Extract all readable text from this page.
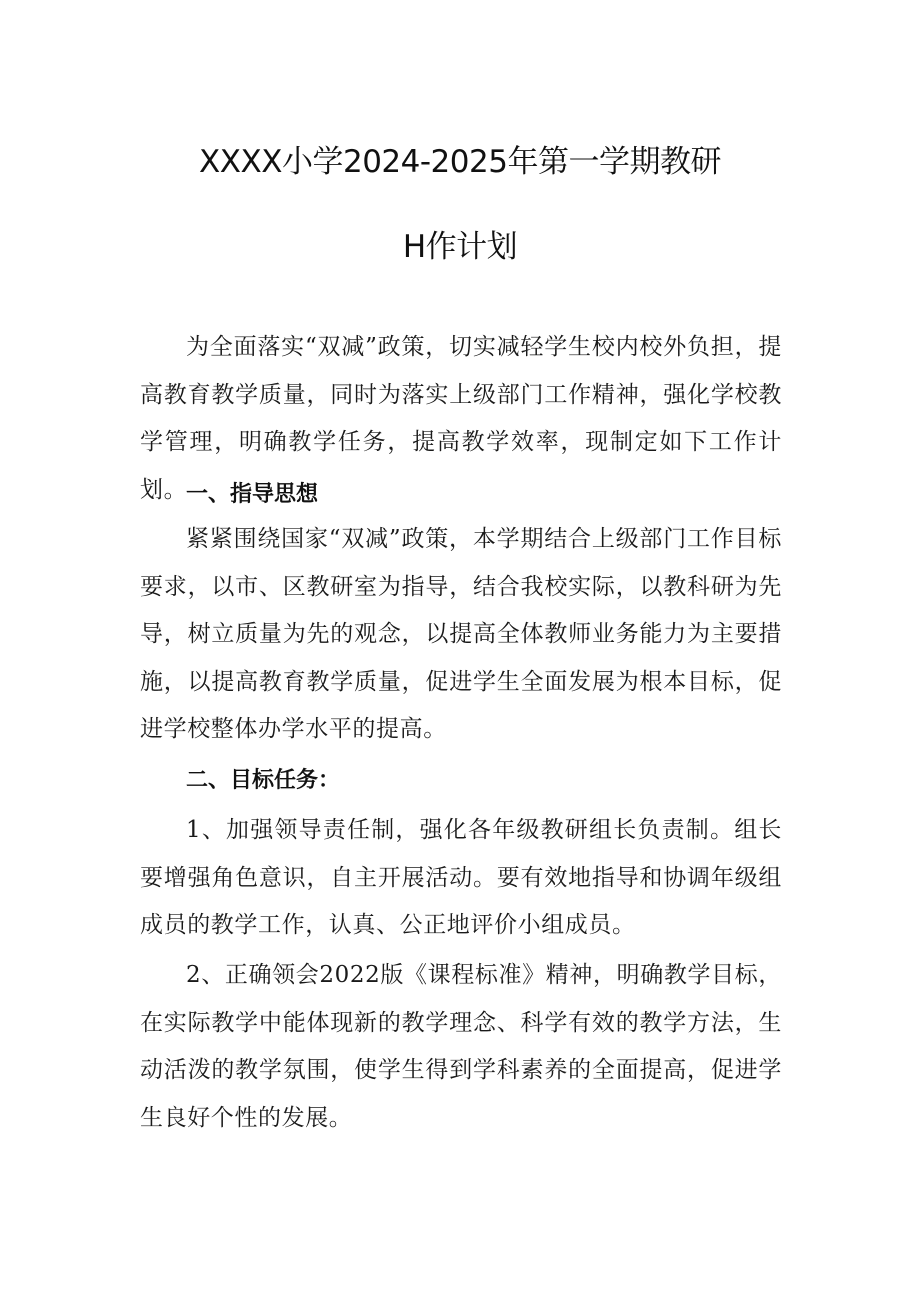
XXXX小学2024-2025年第一学期教研
H作计划

为全面落实“双减”政策，切实减轻学生校内校外负担，提高教育教学质量，同时为落实上级部门工作精神，强化学校教学管理，明确教学任务，提高教学效率，现制定如下工作计划。

一、指导思想

紧紧围绕国家“双减”政策，本学期结合上级部门工作目标要求，以市、区教研室为指导，结合我校实际，以教科研为先导，树立质量为先的观念，以提高全体教师业务能力为主要措施，以提高教育教学质量，促进学生全面发展为根本目标，促进学校整体办学水平的提高。

二、目标任务：

1、加强领导责任制，强化各年级教研组长负责制。组长要增强角色意识，自主开展活动。要有效地指导和协调年级组成员的教学工作，认真、公正地评价小组成员。

2、正确领会2022版《课程标准》精神，明确教学目标，在实际教学中能体现新的教学理念、科学有效的教学方法，生动活泼的教学氛围，使学生得到学科素养的全面提高，促进学生良好个性的发展。
